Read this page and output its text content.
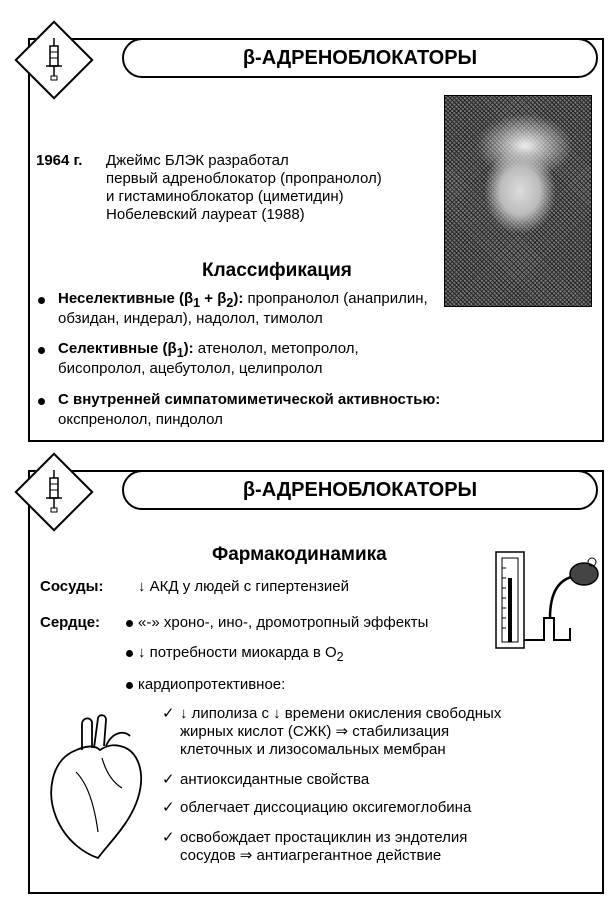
β-АДРЕНОБЛОКАТОРЫ
1964 г. Джеймс БЛЭК разработал
первый адреноблокатор (пропранолол)
и гистаминоблокатор (циметидин)
Нобелевский лауреат (1988)
Классификация
Неселективные $(\beta_1 + \beta_2)$: пропранолол (анаприлин,
обзидан, индерал), надолол, тимолол
Селективные $(\beta_1)$: атенолол, метопролол,
бисопролол, ацебутолол, целипролол
С внутренней симпатомиметической активностью:
окспренолол, пиндолол
β-АДРЕНОБЛОКАТОРЫ
Фармакодинамика
Сосуды: ↓ АКД у людей с гипертензией
Сердце:	«-» хроно-, ино-, дромотропный эффекты
↓ потребности миокарда в $О_2$
кардиопротективное:
✓ ↓ липолиза с ↓ времени окисления свободных
жирных кислот (СЖК) ⇒ стабилизация
клеточных и лизосомальных мембран
✓ антиоксидантные свойства
✓ облегчает диссоциацию оксигемоглобина
✓ освобождает простациклин из эндотелия
сосудов ⇒ антиагрегантное действие
